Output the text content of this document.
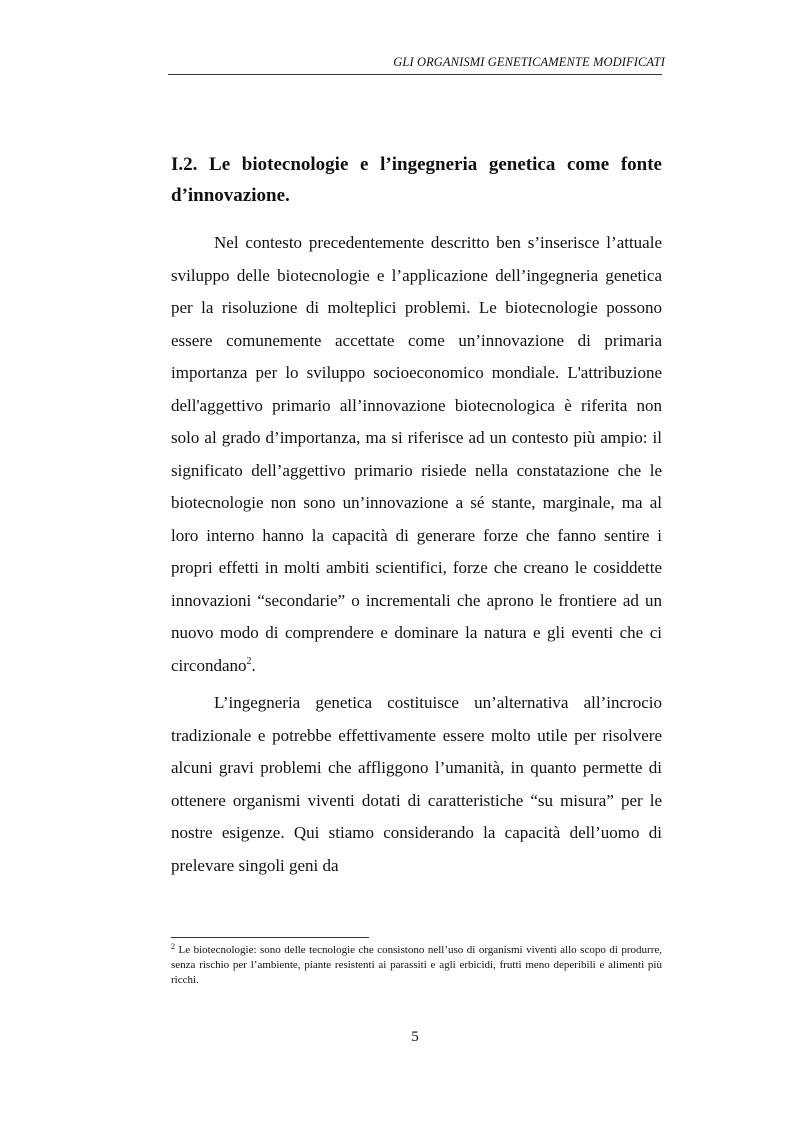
GLI ORGANISMI GENETICAMENTE MODIFICATI
I.2. Le biotecnologie e l’ingegneria genetica come fonte d’innovazione.

Nel contesto precedentemente descritto ben s’inserisce l’attuale sviluppo delle biotecnologie e l’applicazione dell’ingegneria genetica per la risoluzione di molteplici problemi. Le biotecnologie possono essere comunemente accettate come un’innovazione di primaria importanza per lo sviluppo socioeconomico mondiale. L'attribuzione dell'aggettivo primario all’innovazione biotecnologica è riferita non solo al grado d’importanza, ma si riferisce ad un contesto più ampio: il significato dell’aggettivo primario risiede nella constatazione che le biotecnologie non sono un’innovazione a sé stante, marginale, ma al loro interno hanno la capacità di generare forze che fanno sentire i propri effetti in molti ambiti scientifici, forze che creano le cosiddette innovazioni “secondarie” o incrementali che aprono le frontiere ad un nuovo modo di comprendere e dominare la natura e gli eventi che ci circondano$^2$.

L’ingegneria genetica costituisce un’alternativa all’incrocio tradizionale e potrebbe effettivamente essere molto utile per risolvere alcuni gravi problemi che affliggono l’umanità, in quanto permette di ottenere organismi viventi dotati di caratteristiche “su misura” per le nostre esigenze. Qui stiamo considerando la capacità dell’uomo di prelevare singoli geni da

$^2$ Le biotecnologie: sono delle tecnologie che consistono nell’uso di organismi viventi allo scopo di produrre, senza rischio per l’ambiente, piante resistenti ai parassiti e agli erbicidi, frutti meno deperibili e alimenti più ricchi.
5
